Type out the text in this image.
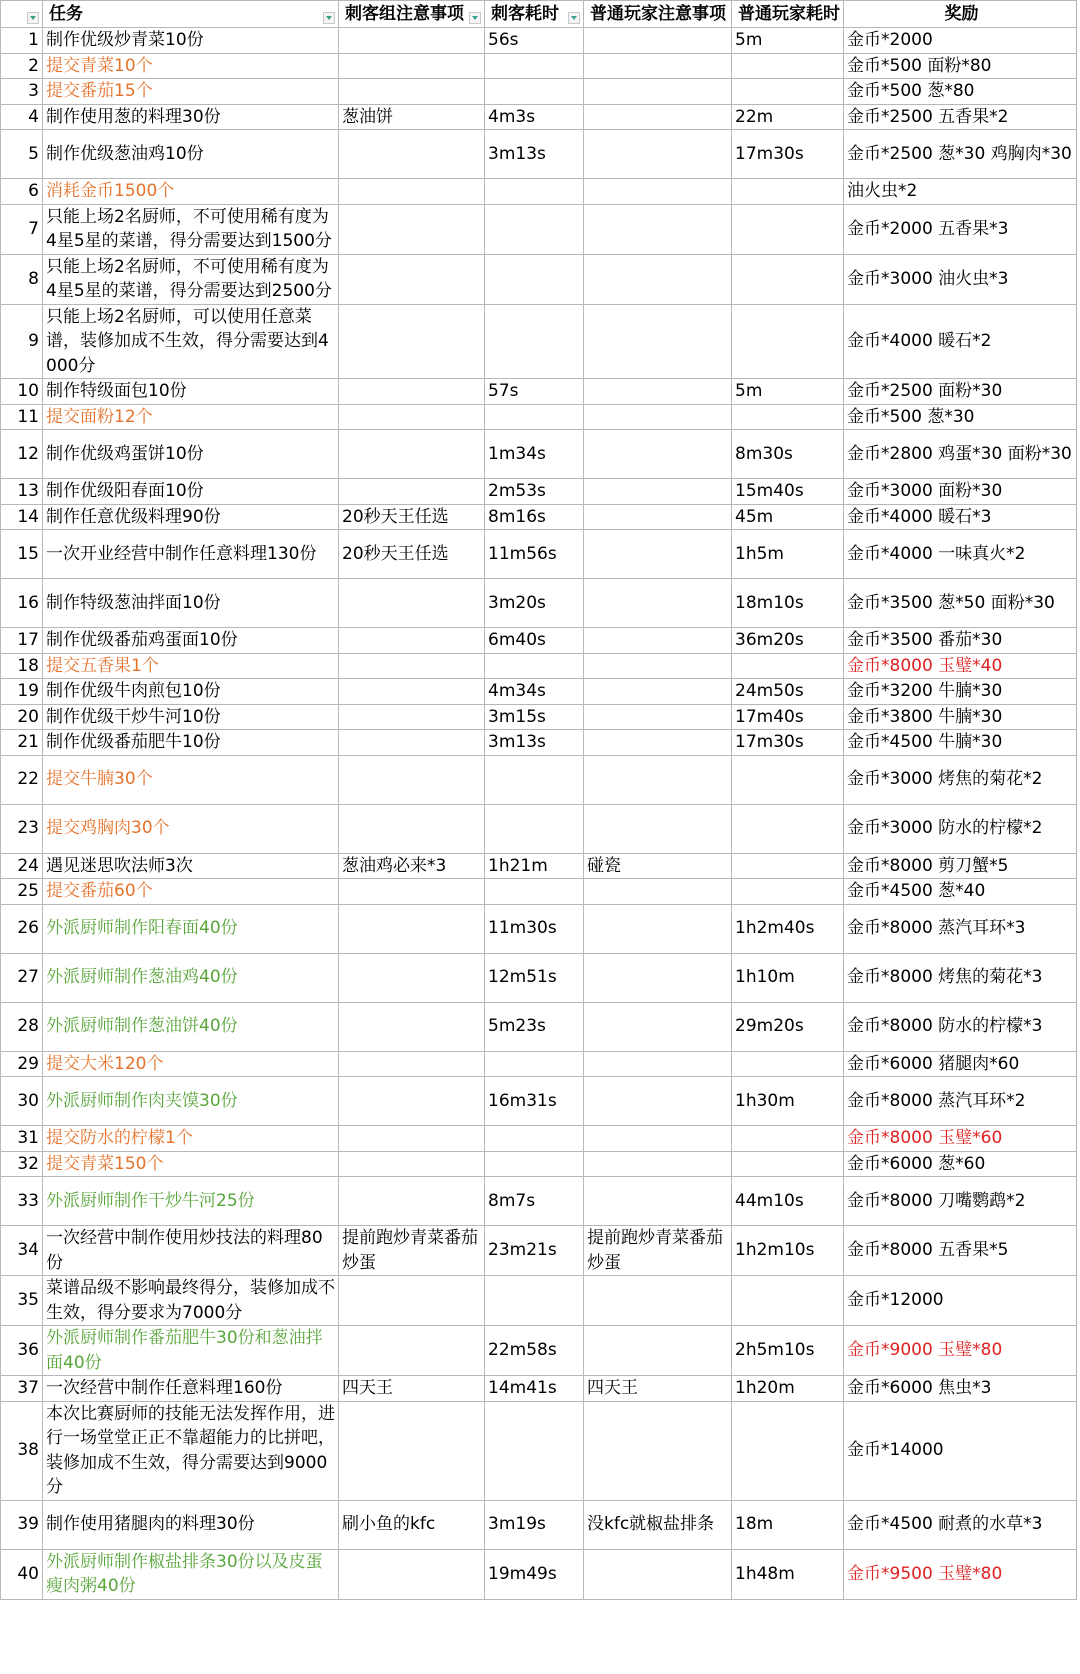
	任务	刺客组注意事项	刺客耗时	普通玩家注意事项	普通玩家耗时	奖励
1	制作优级炒青菜10份		56s		5m	金币*2000
2	提交青菜10个					金币*500 面粉*80
3	提交番茄15个					金币*500 葱*80
4	制作使用葱的料理30份	葱油饼	4m3s		22m	金币*2500 五香果*2
5	制作优级葱油鸡10份		3m13s		17m30s	金币*2500 葱*30 鸡胸肉*30
6	消耗金币1500个					油火虫*2
7	只能上场2名厨师，不可使用稀有度为4星5星的菜谱，得分需要达到1500分					金币*2000 五香果*3
8	只能上场2名厨师，不可使用稀有度为4星5星的菜谱，得分需要达到2500分					金币*3000 油火虫*3
9	只能上场2名厨师，可以使用任意菜谱，装修加成不生效，得分需要达到4000分					金币*4000 暖石*2
10	制作特级面包10份		57s		5m	金币*2500 面粉*30
11	提交面粉12个					金币*500 葱*30
12	制作优级鸡蛋饼10份		1m34s		8m30s	金币*2800 鸡蛋*30 面粉*30
13	制作优级阳春面10份		2m53s		15m40s	金币*3000 面粉*30
14	制作任意优级料理90份	20秒天王任选	8m16s		45m	金币*4000 暖石*3
15	一次开业经营中制作任意料理130份	20秒天王任选	11m56s		1h5m	金币*4000 一味真火*2
16	制作特级葱油拌面10份		3m20s		18m10s	金币*3500 葱*50 面粉*30
17	制作优级番茄鸡蛋面10份		6m40s		36m20s	金币*3500 番茄*30
18	提交五香果1个					金币*8000 玉璧*40
19	制作优级牛肉煎包10份		4m34s		24m50s	金币*3200 牛腩*30
20	制作优级干炒牛河10份		3m15s		17m40s	金币*3800 牛腩*30
21	制作优级番茄肥牛10份		3m13s		17m30s	金币*4500 牛腩*30
22	提交牛腩30个					金币*3000 烤焦的菊花*2
23	提交鸡胸肉30个					金币*3000 防水的柠檬*2
24	遇见迷思吹法师3次	葱油鸡必来*3	1h21m	碰瓷		金币*8000 剪刀蟹*5
25	提交番茄60个					金币*4500 葱*40
26	外派厨师制作阳春面40份		11m30s		1h2m40s	金币*8000 蒸汽耳环*3
27	外派厨师制作葱油鸡40份		12m51s		1h10m	金币*8000 烤焦的菊花*3
28	外派厨师制作葱油饼40份		5m23s		29m20s	金币*8000 防水的柠檬*3
29	提交大米120个					金币*6000 猪腿肉*60
30	外派厨师制作肉夹馍30份		16m31s		1h30m	金币*8000 蒸汽耳环*2
31	提交防水的柠檬1个					金币*8000 玉璧*60
32	提交青菜150个					金币*6000 葱*60
33	外派厨师制作干炒牛河25份		8m7s		44m10s	金币*8000 刀嘴鹦鹉*2
34	一次经营中制作使用炒技法的料理80份	提前跑炒青菜番茄炒蛋	23m21s	提前跑炒青菜番茄炒蛋	1h2m10s	金币*8000 五香果*5
35	菜谱品级不影响最终得分，装修加成不生效，得分要求为7000分					金币*12000
36	外派厨师制作番茄肥牛30份和葱油拌面40份		22m58s		2h5m10s	金币*9000 玉璧*80
37	一次经营中制作任意料理160份	四天王	14m41s	四天王	1h20m	金币*6000 焦虫*3
38	本次比赛厨师的技能无法发挥作用，进行一场堂堂正正不靠超能力的比拼吧，装修加成不生效，得分需要达到9000分					金币*14000
39	制作使用猪腿肉的料理30份	刷小鱼的kfc	3m19s	没kfc就椒盐排条	18m	金币*4500 耐煮的水草*3
40	外派厨师制作椒盐排条30份以及皮蛋瘦肉粥40份		19m49s		1h48m	金币*9500 玉璧*80
